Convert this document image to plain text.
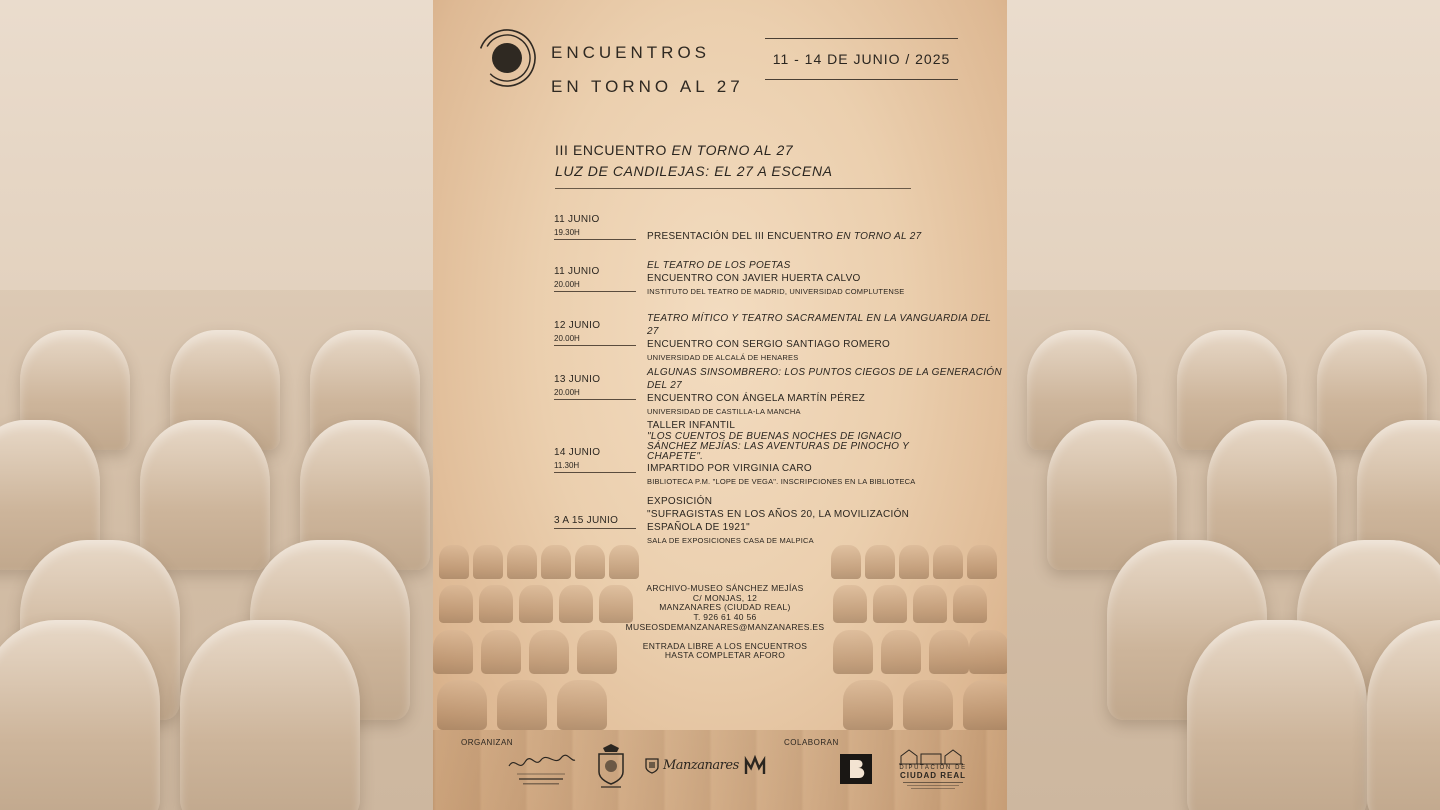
ENCUENTROS
EN TORNO AL 27
11 - 14 DE JUNIO / 2025
III ENCUENTRO EN TORNO AL 27
LUZ DE CANDILEJAS: EL 27 A ESCENA
11 JUNIO
19.30H	PRESENTACIÓN DEL III ENCUENTRO EN TORNO AL 27
11 JUNIO
20.00H
EL TEATRO DE LOS POETAS
ENCUENTRO CON JAVIER HUERTA CALVO
INSTITUTO DEL TEATRO DE MADRID, UNIVERSIDAD COMPLUTENSE
12 JUNIO
20.00H
TEATRO MÍTICO Y TEATRO SACRAMENTAL EN LA VANGUARDIA DEL 27
ENCUENTRO CON SERGIO SANTIAGO ROMERO
UNIVERSIDAD DE ALCALÁ DE HENARES
13 JUNIO
20.00H
ALGUNAS SINSOMBRERO: LOS PUNTOS CIEGOS DE LA GENERACIÓN DEL 27
ENCUENTRO CON ÁNGELA MARTÍN PÉREZ
UNIVERSIDAD DE CASTILLA-LA MANCHA
14 JUNIO
11.30H
TALLER INFANTIL
"LOS CUENTOS DE BUENAS NOCHES DE IGNACIO SÁNCHEZ MEJÍAS: LAS AVENTURAS DE PINOCHO Y CHAPETE".
IMPARTIDO POR VIRGINIA CARO
BIBLIOTECA P.M. "LOPE DE VEGA". INSCRIPCIONES EN LA BIBLIOTECA
3 A 15 JUNIO
EXPOSICIÓN
"SUFRAGISTAS EN LOS AÑOS 20, LA MOVILIZACIÓN ESPAÑOLA DE 1921"
SALA DE EXPOSICIONES CASA DE MALPICA
ARCHIVO-MUSEO SÁNCHEZ MEJÍAS
C/ MONJAS, 12
MANZANARES (CIUDAD REAL)
T. 926 61 40 56
MUSEOSDEMANZANARES@MANZANARES.ES
ENTRADA LIBRE A LOS ENCUENTROS
HASTA COMPLETAR AFORO
ORGANIZAN	COLABORAN
Manzanares	DIPUTACIÓN DE
CIUDAD REAL
